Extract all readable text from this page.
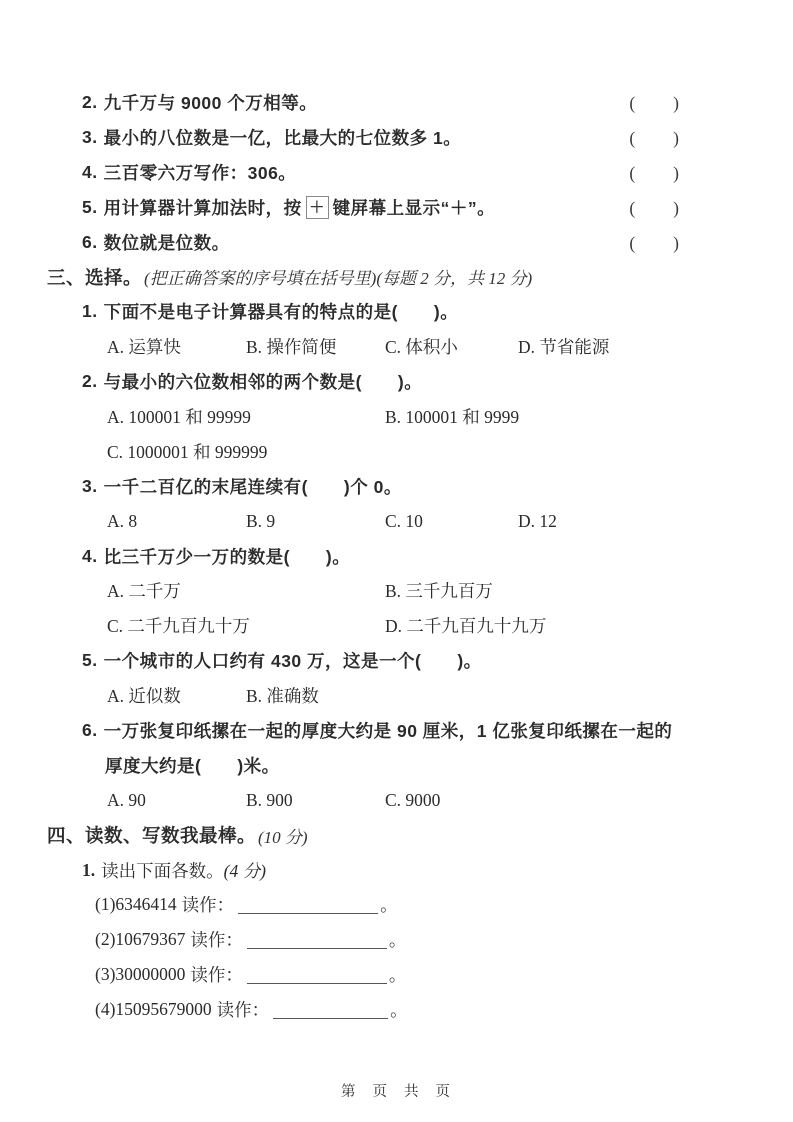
2. 九千万与 9000 个万相等。	(　　)
3. 最小的八位数是一亿，比最大的七位数多 1。	(　　)
4. 三百零六万写作：306。	(　　)
5. 用计算器计算加法时，按 ＋ 键屏幕上显示“＋”。	(　　)
6. 数位就是位数。	(　　)
三、选择。 (把正确答案的序号填在括号里)(每题 2 分，共 12 分)
1. 下面不是电子计算器具有的特点的是(　　)。
A. 运算快	B. 操作简便	C. 体积小	D. 节省能源
2. 与最小的六位数相邻的两个数是(　　)。
A. 100001 和 99999	B. 100001 和 9999
C. 1000001 和 999999
3. 一千二百亿的末尾连续有(　　)个 0。
A. 8	B. 9	C. 10	D. 12
4. 比三千万少一万的数是(　　)。
A. 二千万	B. 三千九百万
C. 二千九百九十万	D. 二千九百九十九万
5. 一个城市的人口约有 430 万，这是一个(　　)。
A. 近似数	B. 准确数
6. 一万张复印纸摞在一起的厚度大约是 90 厘米，1 亿张复印纸摞在一起的
厚度大约是(　　)米。
A. 90	B. 900	C. 9000
四、读数、写数我最棒。 (10 分)
1. 读出下面各数。 (4 分)
(1) 6346414 读作：	。
(2) 10679367 读作：	。
(3) 30000000 读作：	。
(4) 15095679000 读作：	。
第 页 共 页
